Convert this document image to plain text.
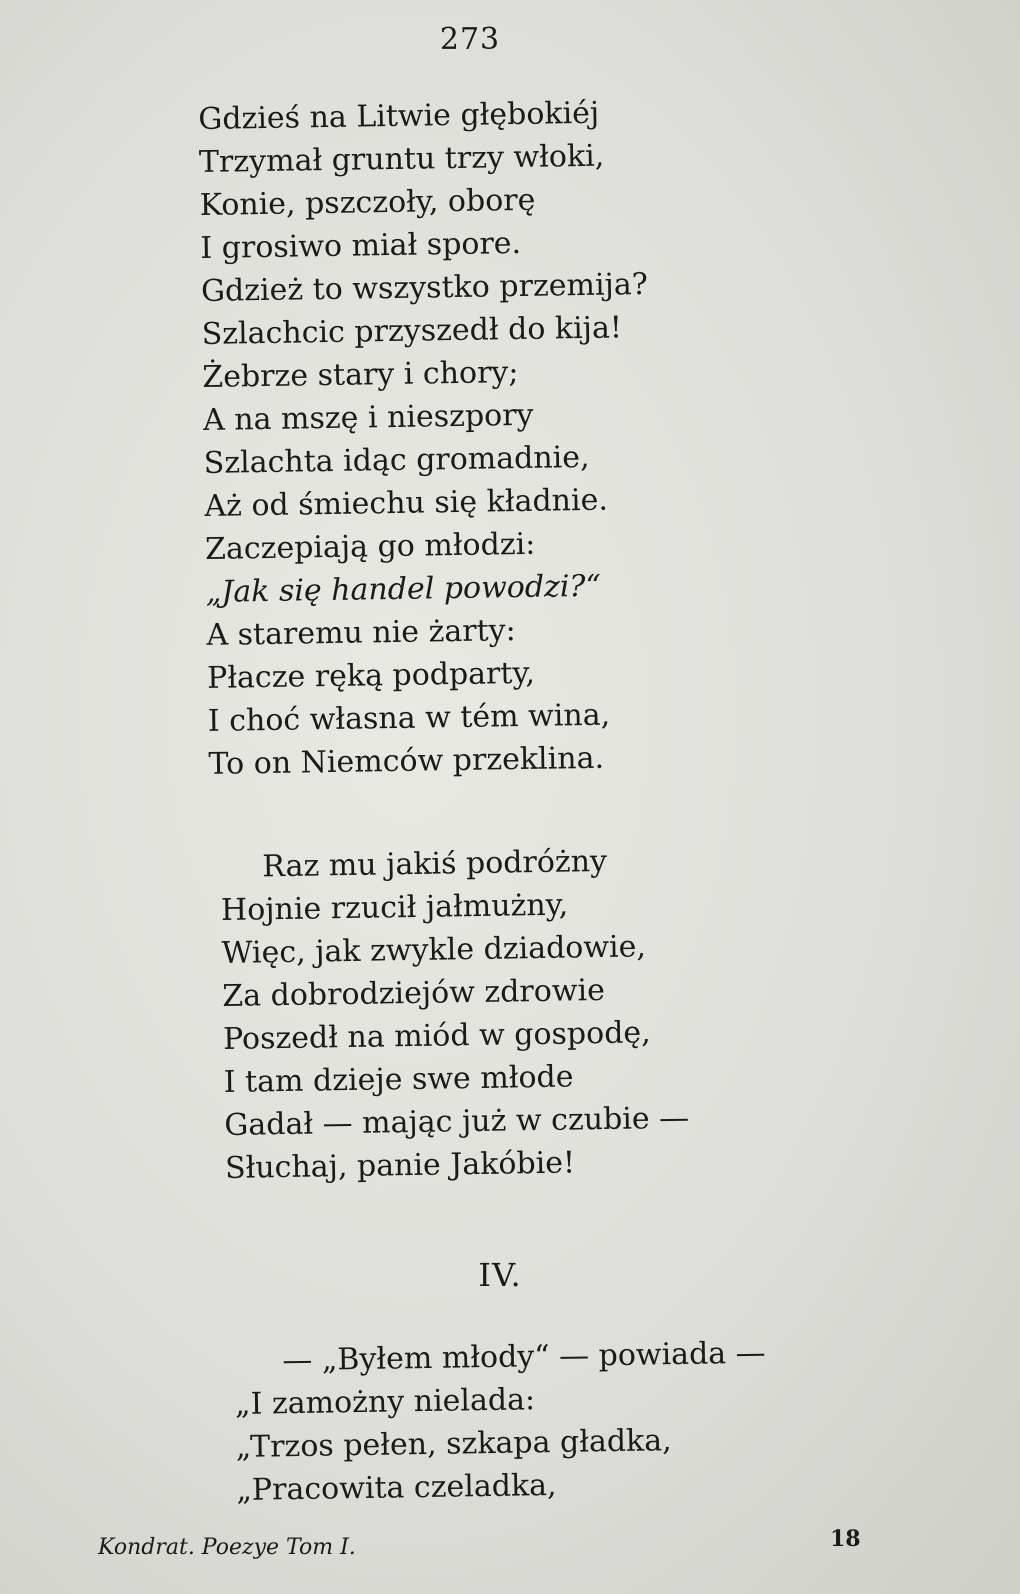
273
Gdzieś na Litwie głębokiéj
Trzymał gruntu trzy włoki,
Konie, pszczoły, oborę
I grosiwo miał spore.
Gdzież to wszystko przemija?
Szlachcic przyszedł do kija!
Żebrze stary i chory;
A na mszę i nieszpory
Szlachta idąc gromadnie,
Aż od śmiechu się kładnie.
Zaczepiają go młodzi:
„Jak się handel powodzi?“
A staremu nie żarty:
Płacze ręką podparty,
I choć własna w tém wina,
To on Niemców przeklina.
Raz mu jakiś podróżny
Hojnie rzucił jałmużny,
Więc, jak zwykle dziadowie,
Za dobrodziejów zdrowie
Poszedł na miód w gospodę,
I tam dzieje swe młode
Gadał — mając już w czubie —
Słuchaj, panie Jakóbie!
IV.
— „Byłem młody“ — powiada —
„I zamożny nielada:
„Trzos pełen, szkapa gładka,
„Pracowita czeladka,
Kondrat. Poezye Tom I.	18
